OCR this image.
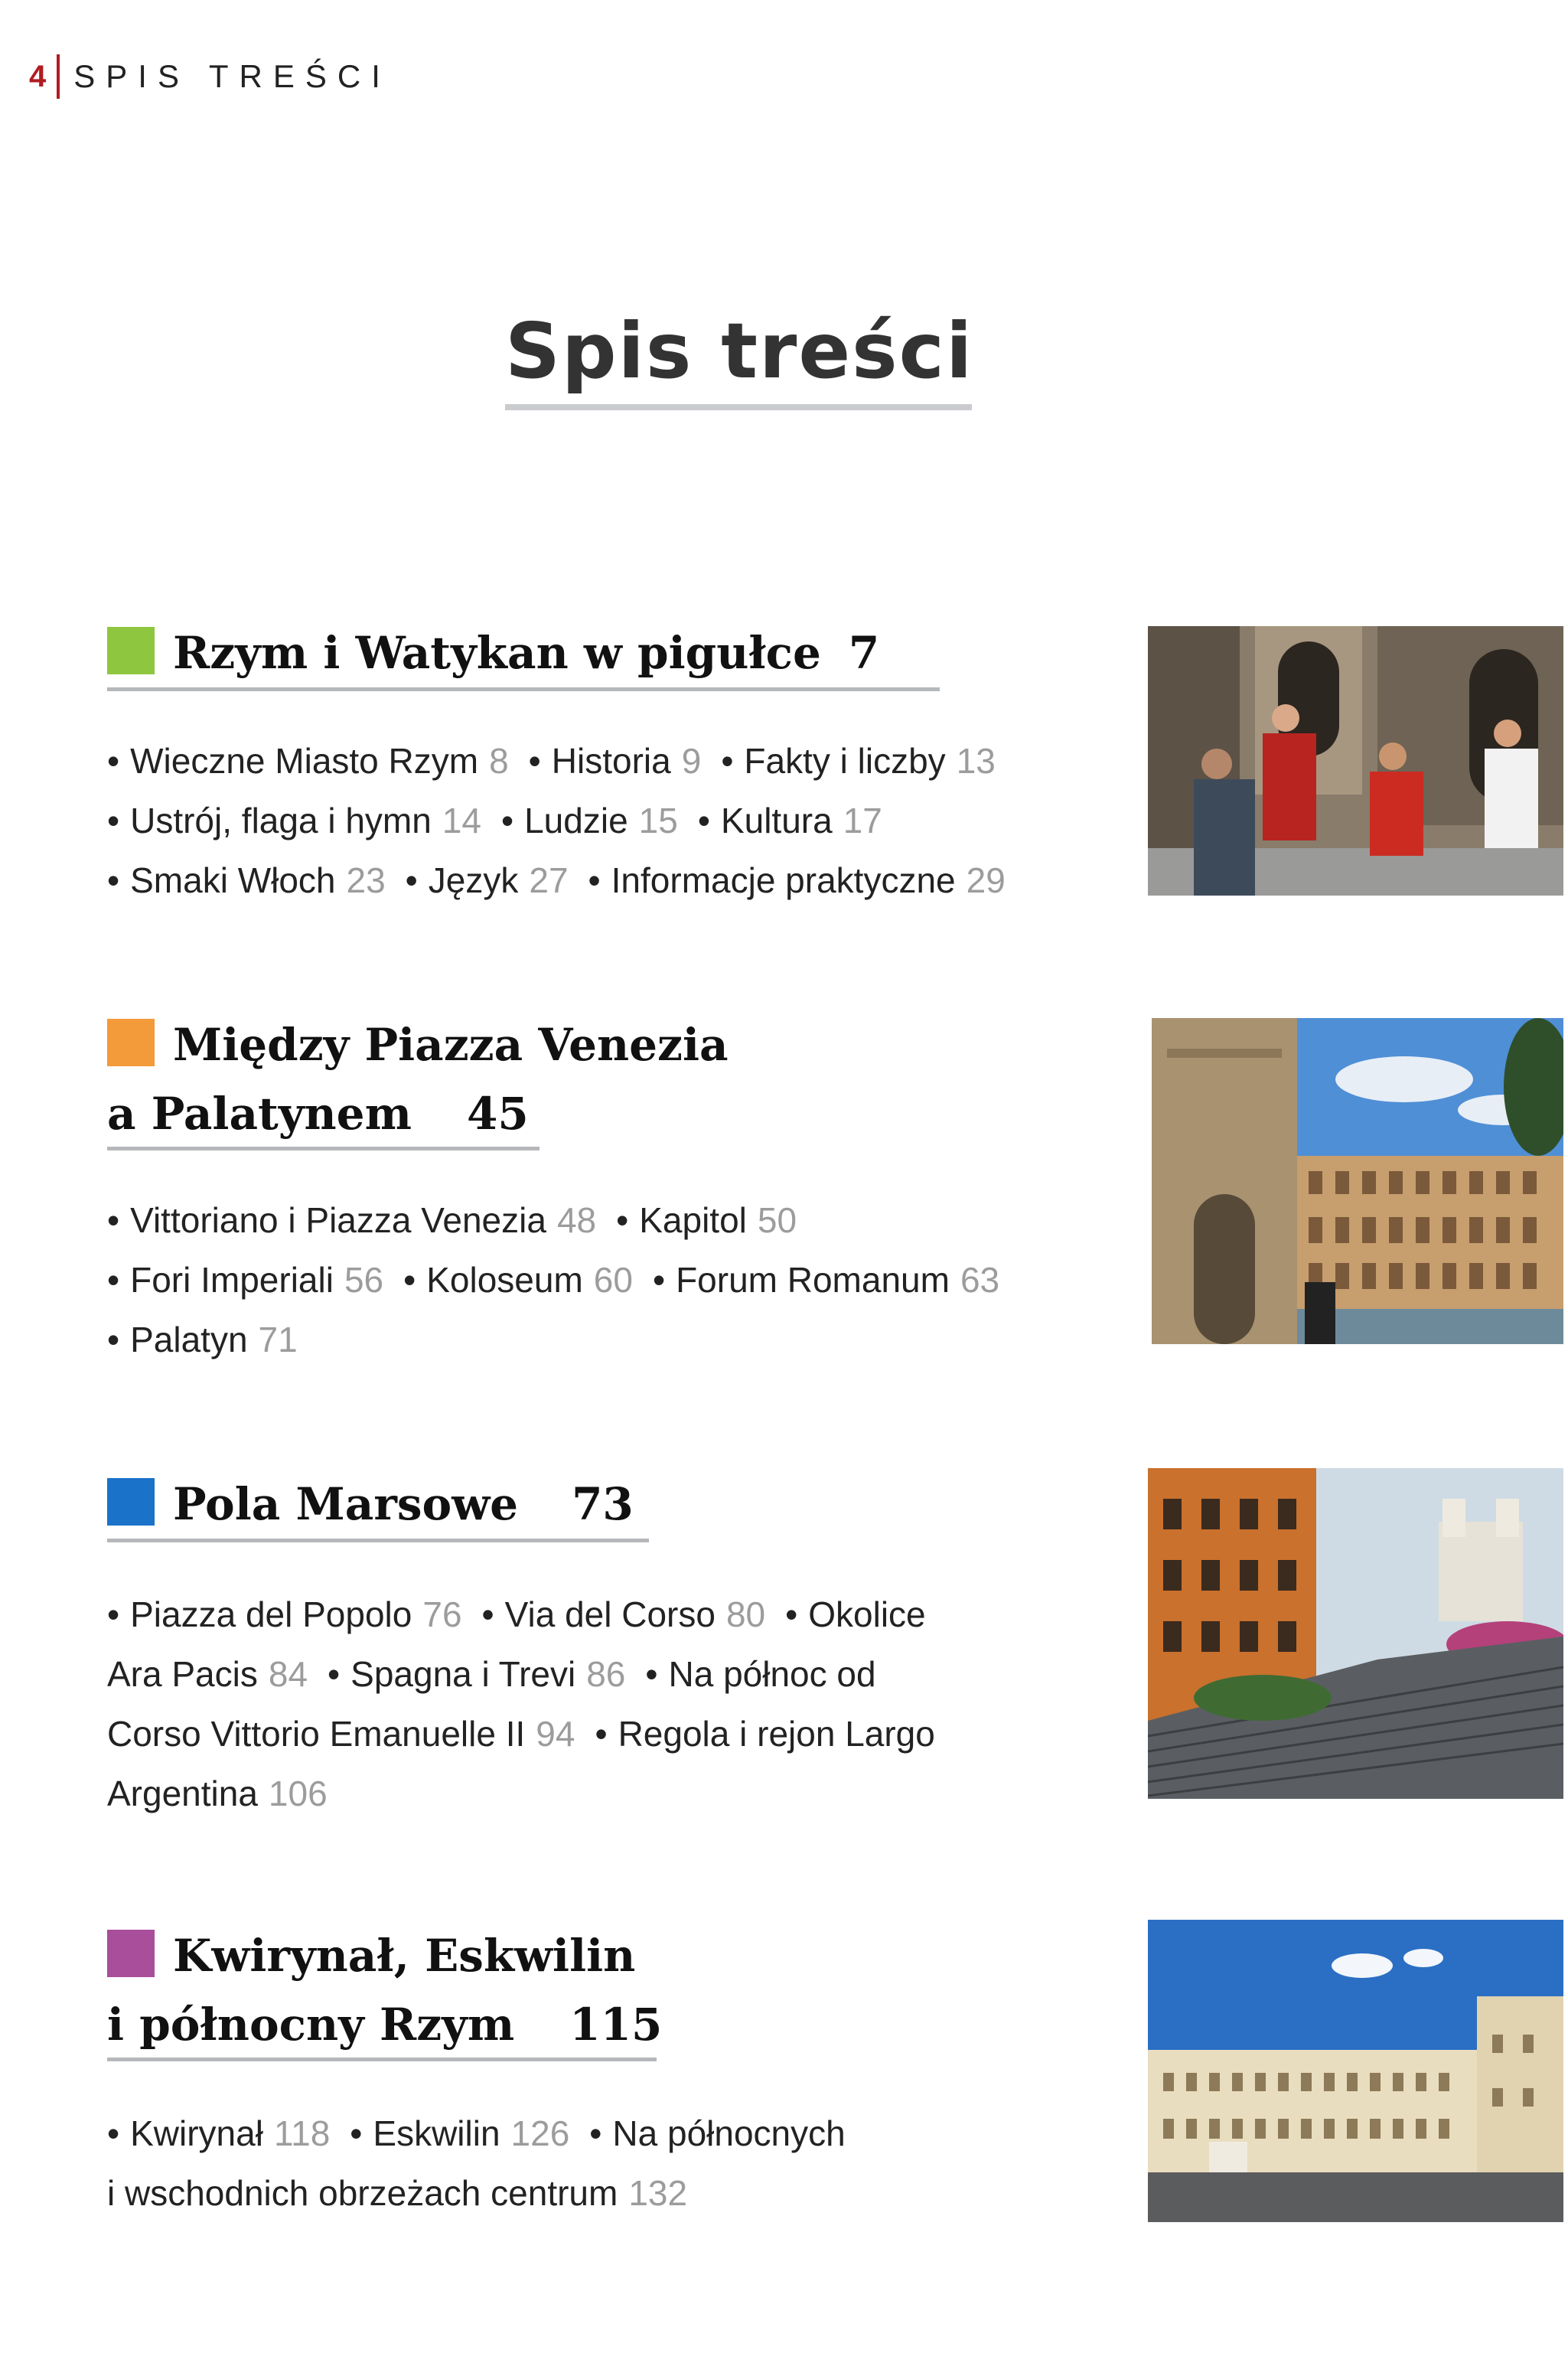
4 SPIS TREŚCI
Spis treści
Rzym i Watykan w pigułce 7
• Wieczne Miasto Rzym 8 • Historia 9 • Fakty i liczby 13
• Ustrój, flaga i hymn 14 • Ludzie 15 • Kultura 17
• Smaki Włoch 23 • Język 27 • Informacje praktyczne 29
Między Piazza Venezia
a Palatynem 45
• Vittoriano i Piazza Venezia 48 • Kapitol 50
• Fori Imperiali 56 • Koloseum 60 • Forum Romanum 63
• Palatyn 71
Pola Marsowe 73
• Piazza del Popolo 76 • Via del Corso 80 • Okolice
Ara Pacis 84 • Spagna i Trevi 86 • Na północ od
Corso Vittorio Emanuelle II 94 • Regola i rejon Largo
Argentina 106
Kwirynał, Eskwilin
i północny Rzym 115
• Kwirynał 118 • Eskwilin 126 • Na północnych
i wschodnich obrzeżach centrum 132
